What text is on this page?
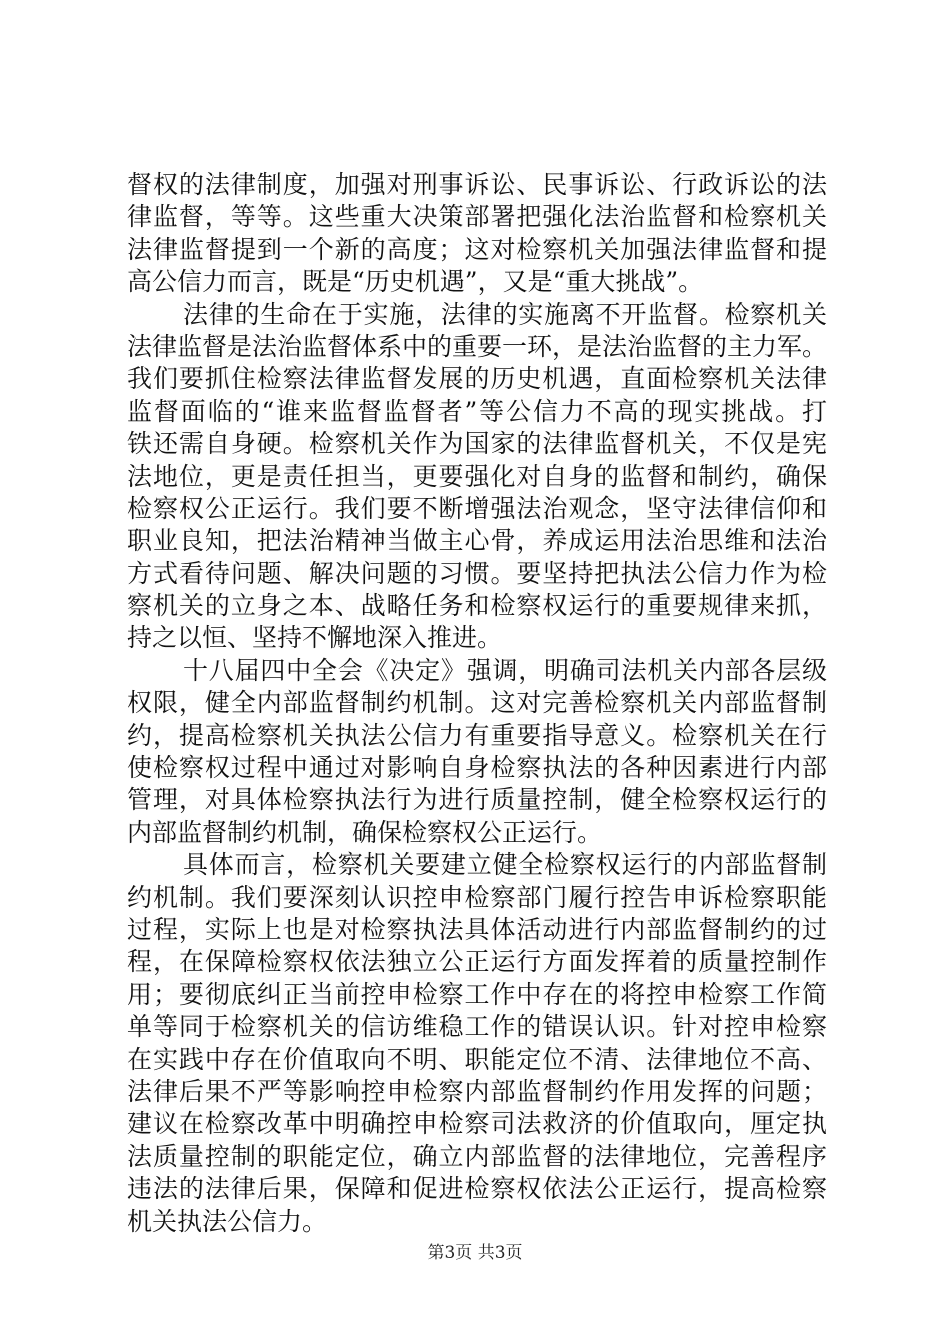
督权的法律制度，加强对刑事诉讼、民事诉讼、行政诉讼的法
律监督，等等。这些重大决策部署把强化法治监督和检察机关
法律监督提到一个新的高度；这对检察机关加强法律监督和提
高公信力而言，既是“历史机遇”，又是“重大挑战”。
法律的生命在于实施，法律的实施离不开监督。检察机关
法律监督是法治监督体系中的重要一环，是法治监督的主力军。
我们要抓住检察法律监督发展的历史机遇，直面检察机关法律
监督面临的“谁来监督监督者”等公信力不高的现实挑战。打
铁还需自身硬。检察机关作为国家的法律监督机关，不仅是宪
法地位，更是责任担当，更要强化对自身的监督和制约，确保
检察权公正运行。我们要不断增强法治观念，坚守法律信仰和
职业良知，把法治精神当做主心骨，养成运用法治思维和法治
方式看待问题、解决问题的习惯。要坚持把执法公信力作为检
察机关的立身之本、战略任务和检察权运行的重要规律来抓，
持之以恒、坚持不懈地深入推进。
十八届四中全会《决定》强调，明确司法机关内部各层级
权限，健全内部监督制约机制。这对完善检察机关内部监督制
约，提高检察机关执法公信力有重要指导意义。检察机关在行
使检察权过程中通过对影响自身检察执法的各种因素进行内部
管理，对具体检察执法行为进行质量控制，健全检察权运行的
内部监督制约机制，确保检察权公正运行。
具体而言，检察机关要建立健全检察权运行的内部监督制
约机制。我们要深刻认识控申检察部门履行控告申诉检察职能
过程，实际上也是对检察执法具体活动进行内部监督制约的过
程，在保障检察权依法独立公正运行方面发挥着的质量控制作
用；要彻底纠正当前控申检察工作中存在的将控申检察工作简
单等同于检察机关的信访维稳工作的错误认识。针对控申检察
在实践中存在价值取向不明、职能定位不清、法律地位不高、
法律后果不严等影响控申检察内部监督制约作用发挥的问题；
建议在检察改革中明确控申检察司法救济的价值取向，厘定执
法质量控制的职能定位，确立内部监督的法律地位，完善程序
违法的法律后果，保障和促进检察权依法公正运行，提高检察
机关执法公信力。
第3页 共3页
